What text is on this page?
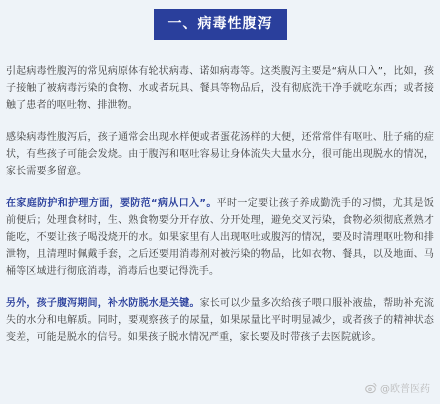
一、病毒性腹泻

引起病毒性腹泻的常见病原体有轮状病毒、诺如病毒等。这类腹泻主要是“病从口入”，比如，孩子接触了被病毒污染的食物、水或者玩具、餐具等物品后，没有彻底洗干净手就吃东西；或者接触了患者的呕吐物、排泄物。

感染病毒性腹泻后，孩子通常会出现水样便或者蛋花汤样的大便，还常常伴有呕吐、肚子痛的症状，有些孩子可能会发烧。由于腹泻和呕吐容易让身体流失大量水分，很可能出现脱水的情况，家长需要多留意。

在家庭防护和护理方面，要防范“病从口入”。平时一定要让孩子养成勤洗手的习惯，尤其是饭前便后；处理食材时，生、熟食物要分开存放、分开处理，避免交叉污染，食物必须彻底煮熟才能吃，不要让孩子喝没烧开的水。如果家里有人出现呕吐或腹泻的情况，要及时清理呕吐物和排泄物，且清理时佩戴手套，之后还要用消毒剂对被污染的物品，比如衣物、餐具，以及地面、马桶等区域进行彻底消毒，消毒后也要记得洗手。

另外，孩子腹泻期间，补水防脱水是关键。家长可以少量多次给孩子喂口服补液盐，帮助补充流失的水分和电解质。同时，要观察孩子的尿量，如果尿量比平时明显减少，或者孩子的精神状态变差，可能是脱水的信号。如果孩子脱水情况严重，家长要及时带孩子去医院就诊。

@欧普医药
